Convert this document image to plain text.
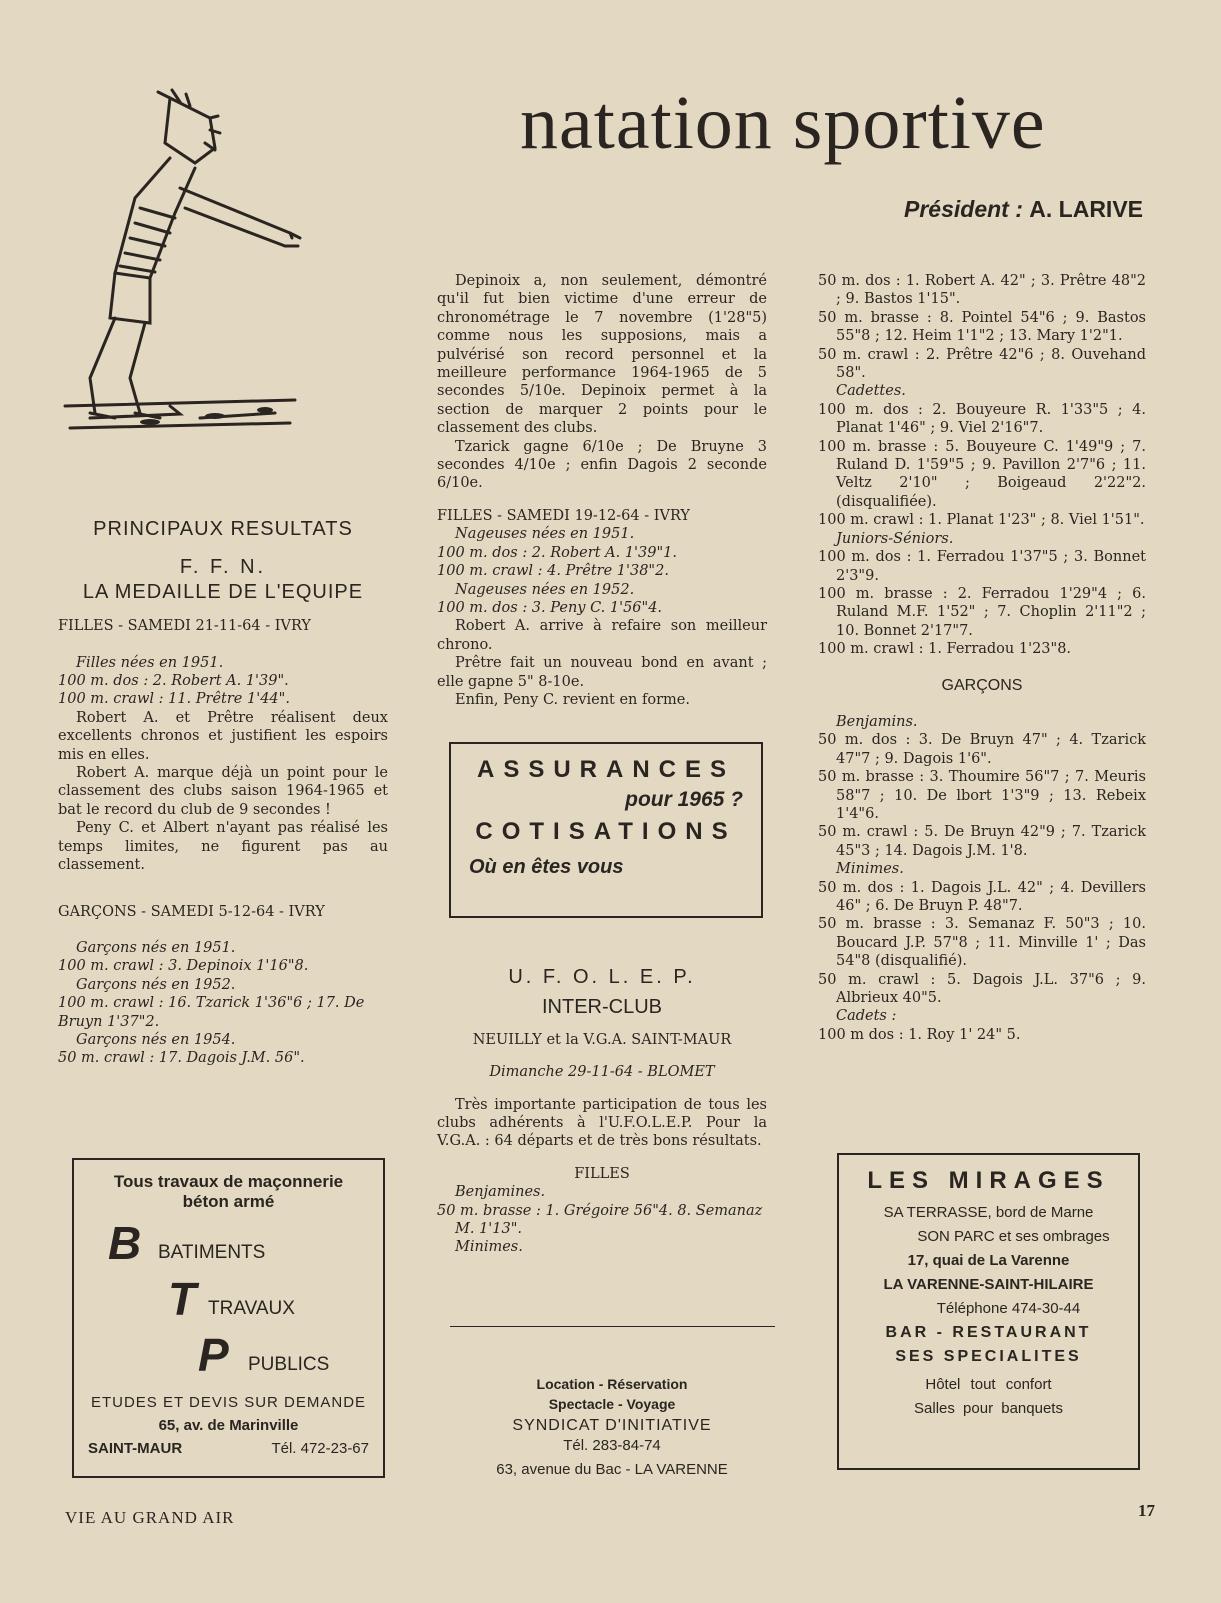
natation sportive
Président : A. LARIVE
PRINCIPAUX RESULTATS
F. F. N.
LA MEDAILLE DE L'EQUIPE

FILLES - SAMEDI 21-11-64 - IVRY

Filles nées en 1951.

100 m. dos : 2. Robert A. 1'39".

100 m. crawl : 11. Prêtre 1'44".

Robert A. et Prêtre réalisent deux excellents chronos et justifient les espoirs mis en elles.

Robert A. marque déjà un point pour le classement des clubs saison 1964-1965 et bat le record du club de 9 secondes !

Peny C. et Albert n'ayant pas réalisé les temps limites, ne figurent pas au classement.

GARÇONS - SAMEDI 5-12-64 - IVRY

Garçons nés en 1951.

100 m. crawl : 3. Depinoix 1'16"8.

Garçons nés en 1952.

100 m. crawl : 16. Tzarick 1'36"6 ; 17. De Bruyn 1'37"2.

Garçons nés en 1954.

50 m. crawl : 17. Dagois J.M. 56".

Tous travaux de maçonnerie
béton armé
B BATIMENTS
T TRAVAUX
P PUBLICS
ETUDES ET DEVIS SUR DEMANDE
65, av. de Marinville
SAINT-MAUR	Tél. 472-23-67

Depinoix a, non seulement, démontré qu'il fut bien victime d'une erreur de chronométrage le 7 novembre (1'28"5) comme nous les supposions, mais a pulvérisé son record personnel et la meilleure performance 1964-1965 de 5 secondes 5/10e. Depinoix permet à la section de marquer 2 points pour le classement des clubs.

Tzarick gagne 6/10e ; De Bruyne 3 secondes 4/10e ; enfin Dagois 2 seconde 6/10e.

FILLES - SAMEDI 19-12-64 - IVRY

Nageuses nées en 1951.

100 m. dos : 2. Robert A. 1'39"1.

100 m. crawl : 4. Prêtre 1'38"2.

Nageuses nées en 1952.

100 m. dos : 3. Peny C. 1'56"4.

Robert A. arrive à refaire son meilleur chrono.

Prêtre fait un nouveau bond en avant ; elle gapne 5" 8-10e.

Enfin, Peny C. revient en forme.

ASSURANCES
pour 1965 ?
COTISATIONS
Où en êtes vous
U. F. O. L. E. P.
INTER-CLUB

NEUILLY et la V.G.A. SAINT-MAUR

Dimanche 29-11-64 - BLOMET

Très importante participation de tous les clubs adhérents à l'U.F.O.L.E.P. Pour la V.G.A. : 64 départs et de très bons résultats.

FILLES

Benjamines.

50 m. brasse : 1. Grégoire 56"4. 8. Semanaz M. 1'13".

Minimes.

Location - Réservation
Spectacle - Voyage
SYNDICAT D'INITIATIVE
Tél. 283-84-74
63, avenue du Bac - LA VARENNE

50 m. dos : 1. Robert A. 42" ; 3. Prêtre 48"2 ; 9. Bastos 1'15".

50 m. brasse : 8. Pointel 54"6 ; 9. Bastos 55"8 ; 12. Heim 1'1"2 ; 13. Mary 1'2"1.

50 m. crawl : 2. Prêtre 42"6 ; 8. Ouvehand 58".

Cadettes.

100 m. dos : 2. Bouyeure R. 1'33"5 ; 4. Planat 1'46" ; 9. Viel 2'16"7.

100 m. brasse : 5. Bouyeure C. 1'49"9 ; 7. Ruland D. 1'59"5 ; 9. Pavillon 2'7"6 ; 11. Veltz 2'10" ; Boigeaud 2'22"2. (disqualifiée).

100 m. crawl : 1. Planat 1'23" ; 8. Viel 1'51".

Juniors-Séniors.

100 m. dos : 1. Ferradou 1'37"5 ; 3. Bonnet 2'3"9.

100 m. brasse : 2. Ferradou 1'29"4 ; 6. Ruland M.F. 1'52" ; 7. Choplin 2'11"2 ; 10. Bonnet 2'17"7.

100 m. crawl : 1. Ferradou 1'23"8.

GARÇONS

Benjamins.

50 m. dos : 3. De Bruyn 47" ; 4. Tzarick 47"7 ; 9. Dagois 1'6".

50 m. brasse : 3. Thoumire 56"7 ; 7. Meuris 58"7 ; 10. De lbort 1'3"9 ; 13. Rebeix 1'4"6.

50 m. crawl : 5. De Bruyn 42"9 ; 7. Tzarick 45"3 ; 14. Dagois J.M. 1'8.

Minimes.

50 m. dos : 1. Dagois J.L. 42" ; 4. Devillers 46" ; 6. De Bruyn P. 48"7.

50 m. brasse : 3. Semanaz F. 50"3 ; 10. Boucard J.P. 57"8 ; 11. Minville 1' ; Das 54"8 (disqualifié).

50 m. crawl : 5. Dagois J.L. 37"6 ; 9. Albrieux 40"5.

Cadets :

100 m dos : 1. Roy 1' 24" 5.

LES MIRAGES
SA TERRASSE, bord de Marne
SON PARC et ses ombrages
17, quai de La Varenne
LA VARENNE-SAINT-HILAIRE
Téléphone 474-30-44
BAR - RESTAURANT
SES SPECIALITES
Hôtel tout confort
Salles pour banquets
VIE AU GRAND AIR	17
